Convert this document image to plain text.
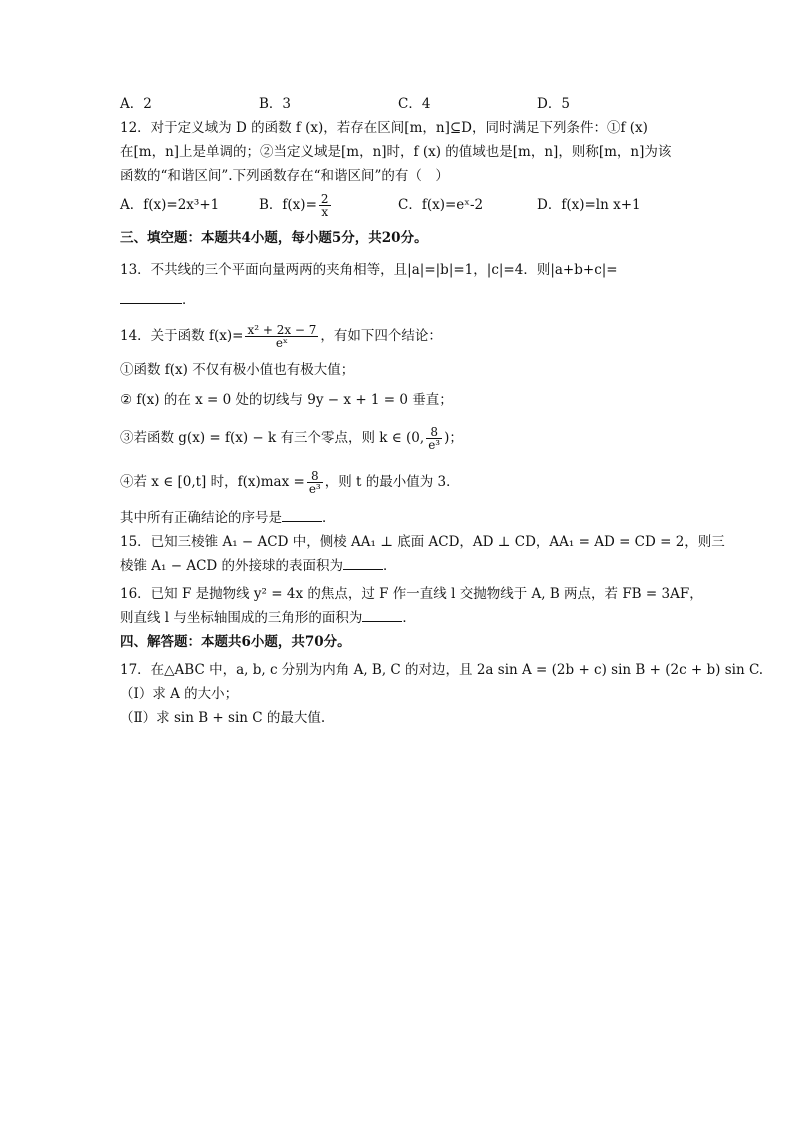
A．2	B．3	C．4	D．5
12．对于定义域为 D 的函数 f (x)，若存在区间[m，n]⊆D，同时满足下列条件：①f (x)
在[m，n]上是单调的；②当定义域是[m，n]时，f (x) 的值域也是[m，n]，则称[m，n]为该
函数的“和谐区间”.下列函数存在“和谐区间”的有（　）
A．f(x)=2x³+1	B．$f(x)= \frac{2}{x}$	C．f(x)=eˣ-2	D．f(x)=ln x+1
三、填空题：本题共4小题，每小题5分，共20分。
13．不共线的三个平面向量两两的夹角相等，且|a|=|b|=1，|c|=4．则|a+b+c|=
．
14．关于函数 $f(x)= \frac{\text{x² + 2x − 7}}{\text{eˣ}}$ ，有如下四个结论：
①函数 f(x) 不仅有极小值也有极大值；
② f(x) 的在 x = 0 处的切线与 9y − x + 1 = 0 垂直；
③若函数 g(x) = f(x) − k 有三个零点，则 k ∈ (0, $\frac{8}{\text{e³}}$ )；
④若 x ∈ [0,t] 时，$f(x)\max = \frac{8}{\text{e³}}$ ，则 t 的最小值为 3．
其中所有正确结论的序号是	．
15．已知三棱锥 A₁ − ACD 中，侧棱 AA₁ ⊥ 底面 ACD，AD ⊥ CD，AA₁ = AD = CD = 2，则三
棱锥 A₁ − ACD 的外接球的表面积为	．
16．已知 F 是抛物线 y² = 4x 的焦点，过 F 作一直线 l 交抛物线于 A, B 两点，若 FB = 3AF，
则直线 l 与坐标轴围成的三角形的面积为	．
四、解答题：本题共6小题，共70分。
17．在△ABC 中，a, b, c 分别为内角 A, B, C 的对边，且 2a sin A = (2b + c) sin B + (2c + b) sin C.
（Ⅰ）求 A 的大小；
（Ⅱ）求 sin B + sin C 的最大值.
